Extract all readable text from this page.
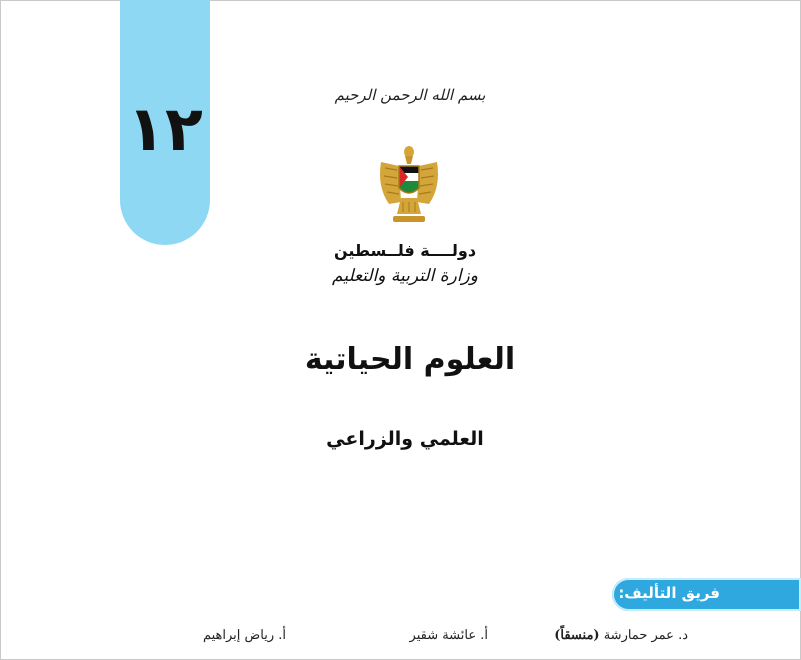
١٢	بسم الله الرحمن الرحيم
دولــــة فلــسطين
وزارة التربية والتعليم
العلوم الحياتية
العلمي والزراعي
فريق التأليف:
د. عمر حمارشة (منسقاً)
أ. عائشة شقير
أ. رياض إبراهيم
